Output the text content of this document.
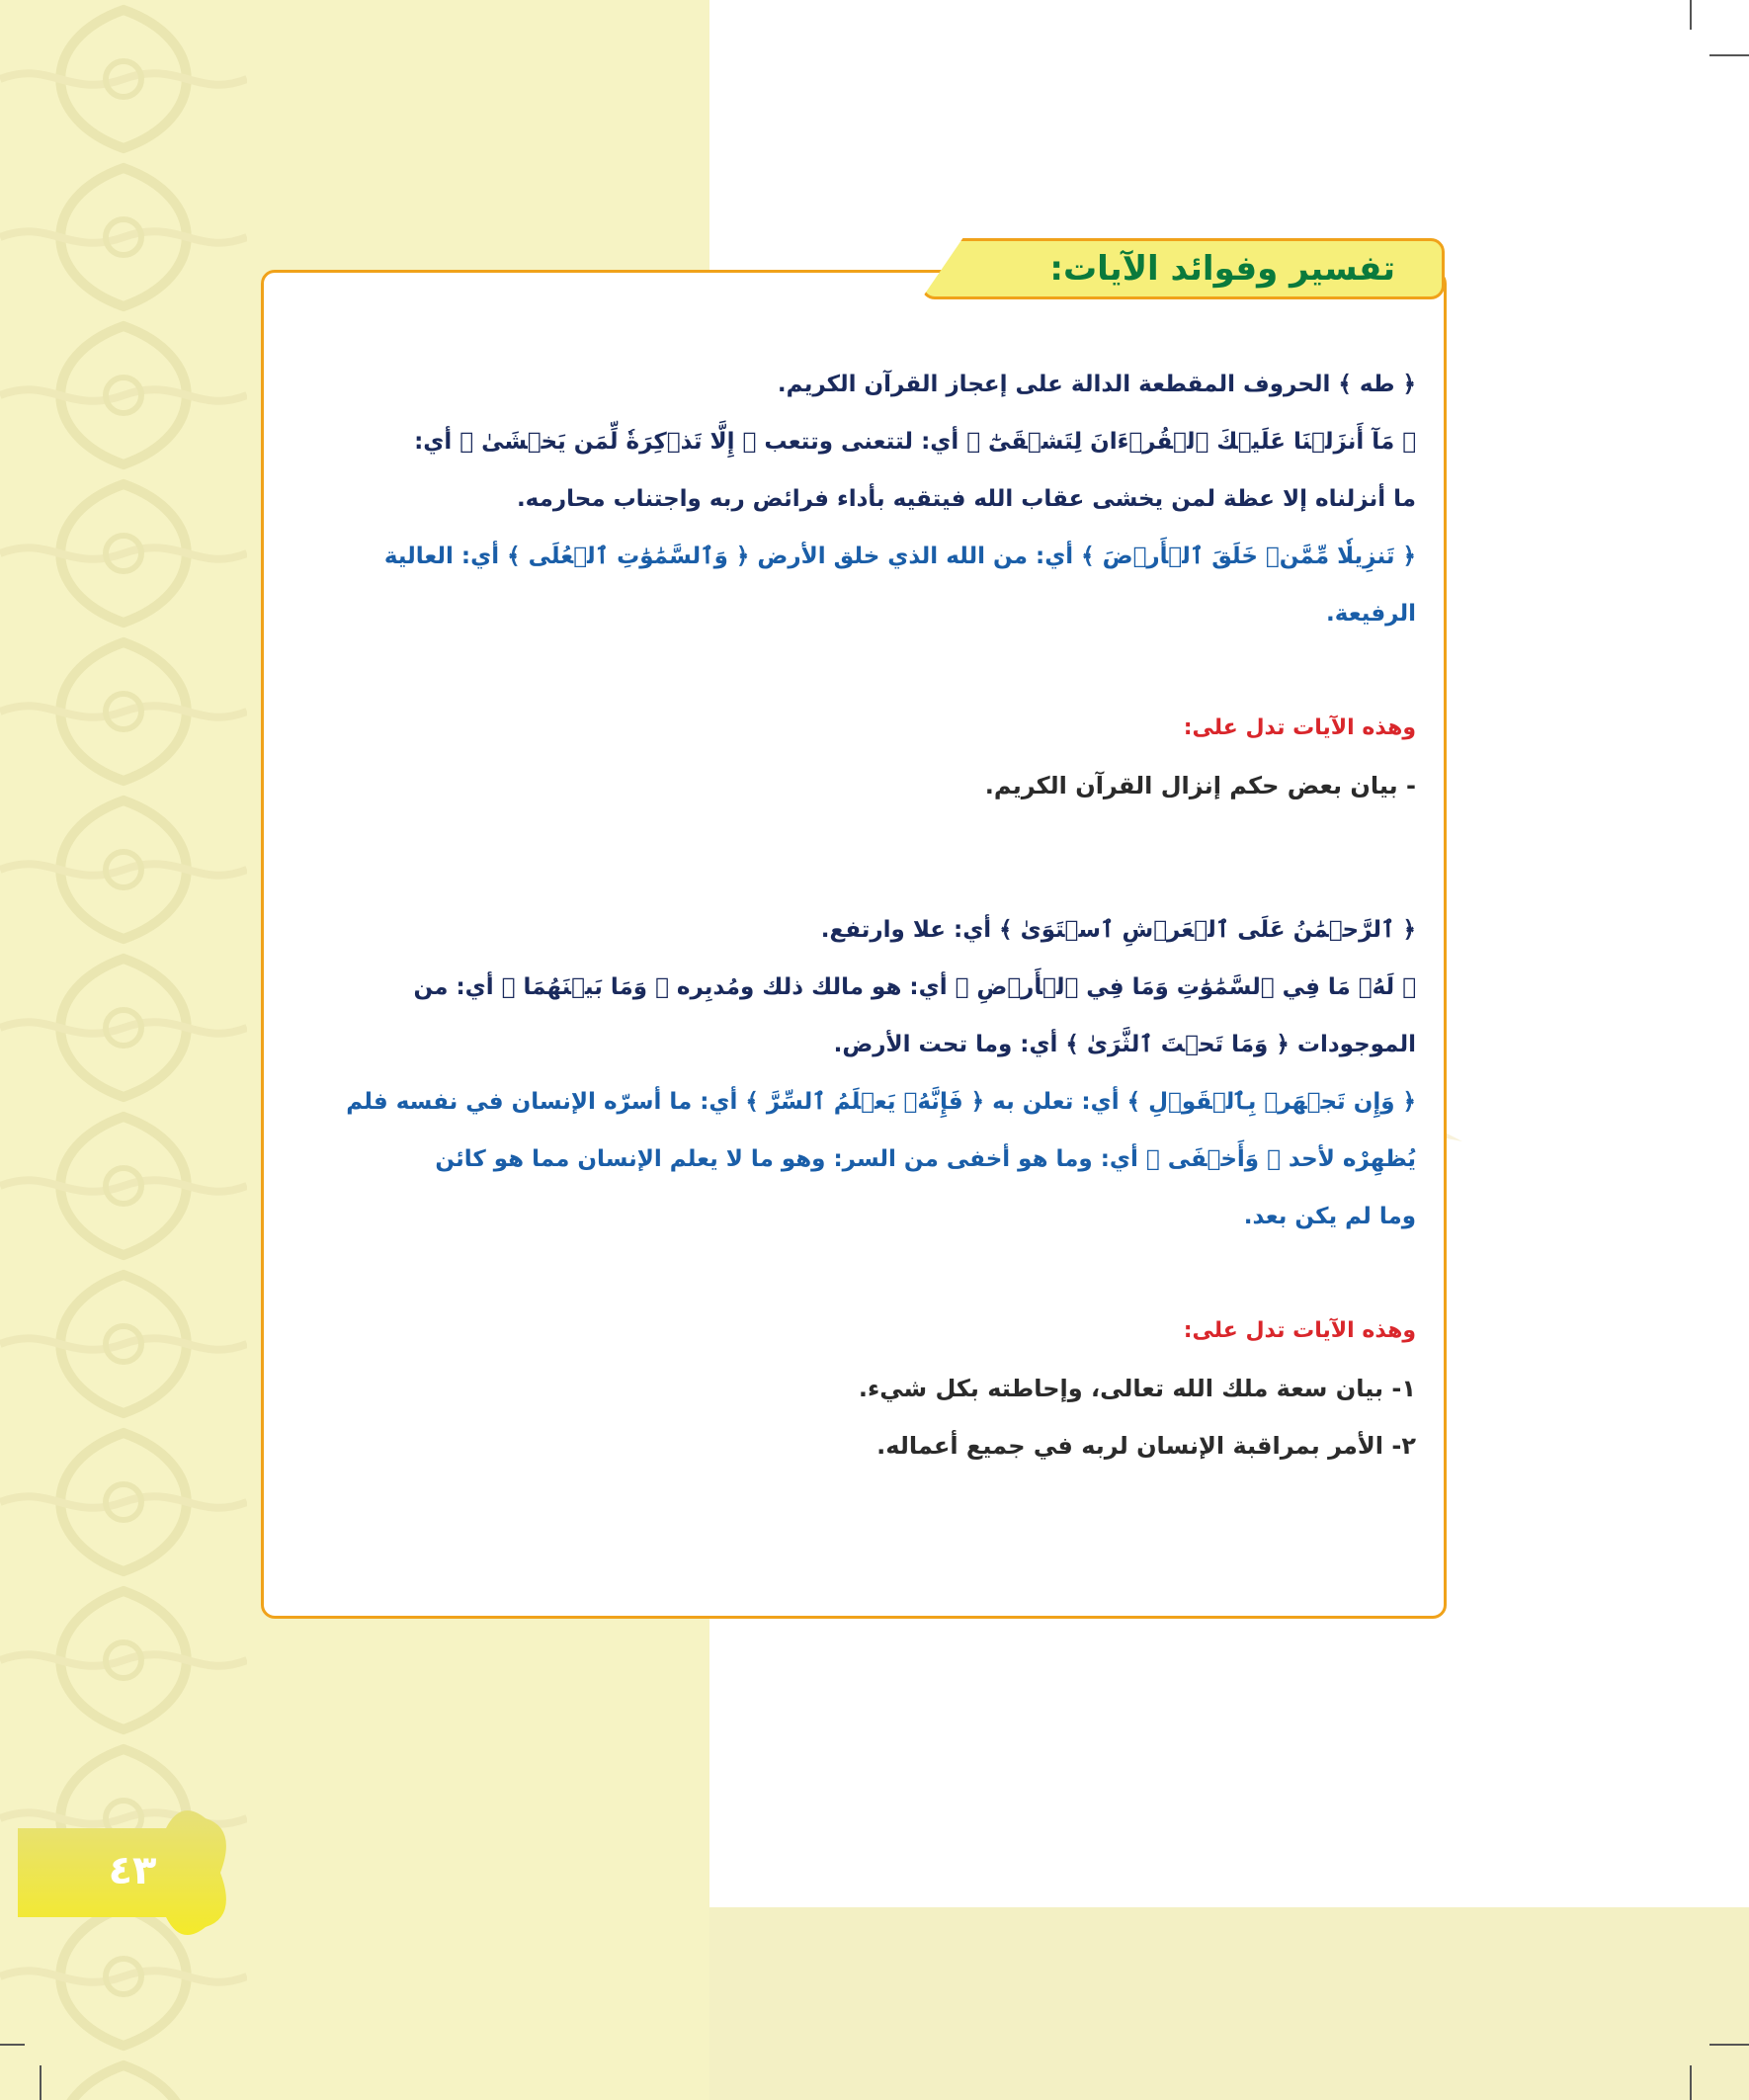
تفسير وفوائد الآيات:
﴿ طه ﴾ الحروف المقطعة الدالة على إعجاز القرآن الكريم.
﴿ مَآ أَنزَلۡنَا عَلَيۡكَ ٱلۡقُرۡءَانَ لِتَشۡقَىٰٓ ﴾ أي: لتتعنى وتتعب ﴿ إِلَّا تَذۡكِرَةٗ لِّمَن يَخۡشَىٰ ﴾ أي:
ما أنزلناه إلا عظة لمن يخشى عقاب الله فيتقيه بأداء فرائض ربه واجتناب محارمه.
﴿ تَنزِيلٗا مِّمَّنۡ خَلَقَ ٱلۡأَرۡضَ ﴾ أي: من الله الذي خلق الأرض ﴿ وَٱلسَّمَٰوَٰتِ ٱلۡعُلَى ﴾ أي: العالية
الرفيعة.
وهذه الآيات تدل على:
- بيان بعض حكم إنزال القرآن الكريم.
﴿ ٱلرَّحۡمَٰنُ عَلَى ٱلۡعَرۡشِ ٱسۡتَوَىٰ ﴾ أي: علا وارتفع.
﴿ لَهُۥ مَا فِي ٱلسَّمَٰوَٰتِ وَمَا فِي ٱلۡأَرۡضِ ﴾ أي: هو مالك ذلك ومُدبِره ﴿ وَمَا بَيۡنَهُمَا ﴾ أي: من
الموجودات ﴿ وَمَا تَحۡتَ ٱلثَّرَىٰ ﴾ أي: وما تحت الأرض.
﴿ وَإِن تَجۡهَرۡ بِٱلۡقَوۡلِ ﴾ أي: تعلن به ﴿ فَإِنَّهُۥ يَعۡلَمُ ٱلسِّرَّ ﴾ أي: ما أسرّه الإنسان في نفسه فلم
يُظهِرْه لأحد ﴿ وَأَخۡفَى ﴾ أي: وما هو أخفى من السر: وهو ما لا يعلم الإنسان مما هو كائن
وما لم يكن بعد.
وهذه الآيات تدل على:
١- بيان سعة ملك الله تعالى، وإحاطته بكل شيء.
٢- الأمر بمراقبة الإنسان لربه في جميع أعماله.
٤٣
